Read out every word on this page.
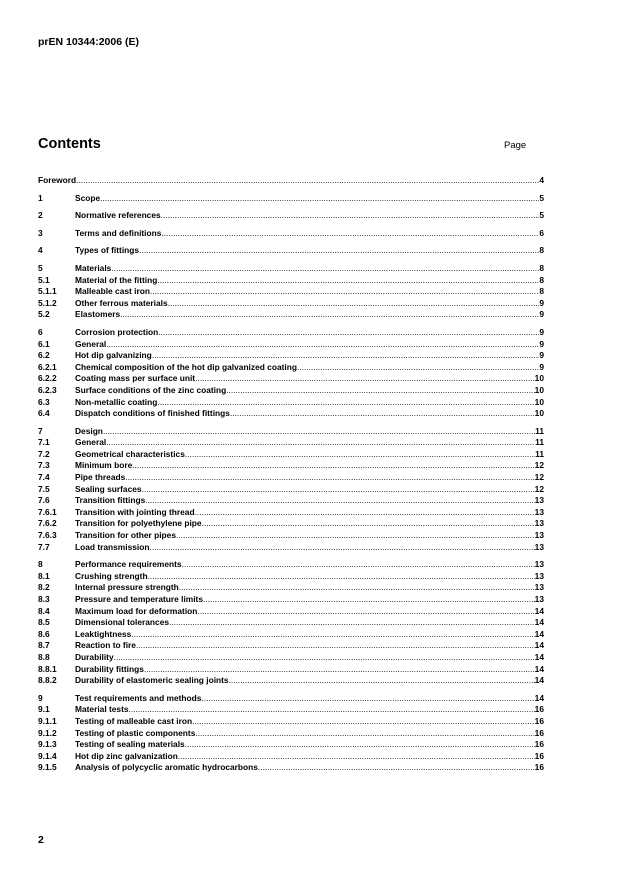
prEN 10344:2006 (E)
Contents	Page
Foreword .....	4
1	Scope .....	5
2	Normative references .....	5
3	Terms and definitions .....	6
4	Types of fittings .....	8
5	Materials .....	8
5.1	Material of the fitting .....	8
5.1.1	Malleable cast iron .....	8
5.1.2	Other ferrous materials .....	9
5.2	Elastomers .....	9
6	Corrosion protection .....	9
6.1	General .....	9
6.2	Hot dip galvanizing .....	9
6.2.1	Chemical composition of the hot dip galvanized coating .....	9
6.2.2	Coating mass per surface unit .....	10
6.2.3	Surface conditions of the zinc coating .....	10
6.3	Non-metallic coating .....	10
6.4	Dispatch conditions of finished fittings .....	10
7	Design .....	11
7.1	General .....	11
7.2	Geometrical characteristics .....	11
7.3	Minimum bore .....	12
7.4	Pipe threads .....	12
7.5	Sealing surfaces .....	12
7.6	Transition fittings .....	13
7.6.1	Transition with jointing thread .....	13
7.6.2	Transition for polyethylene pipe .....	13
7.6.3	Transition for other pipes .....	13
7.7	Load transmission .....	13
8	Performance requirements .....	13
8.1	Crushing strength .....	13
8.2	Internal pressure strength .....	13
8.3	Pressure and temperature limits .....	13
8.4	Maximum load for deformation .....	14
8.5	Dimensional tolerances .....	14
8.6	Leaktightness .....	14
8.7	Reaction to fire .....	14
8.8	Durability .....	14
8.8.1	Durability fittings .....	14
8.8.2	Durability of elastomeric sealing joints .....	14
9	Test requirements and methods .....	14
9.1	Material tests .....	16
9.1.1	Testing of malleable cast iron .....	16
9.1.2	Testing of plastic components .....	16
9.1.3	Testing of sealing materials .....	16
9.1.4	Hot dip zinc galvanization .....	16
9.1.5	Analysis of polycyclic aromatic hydrocarbons .....	16
2
